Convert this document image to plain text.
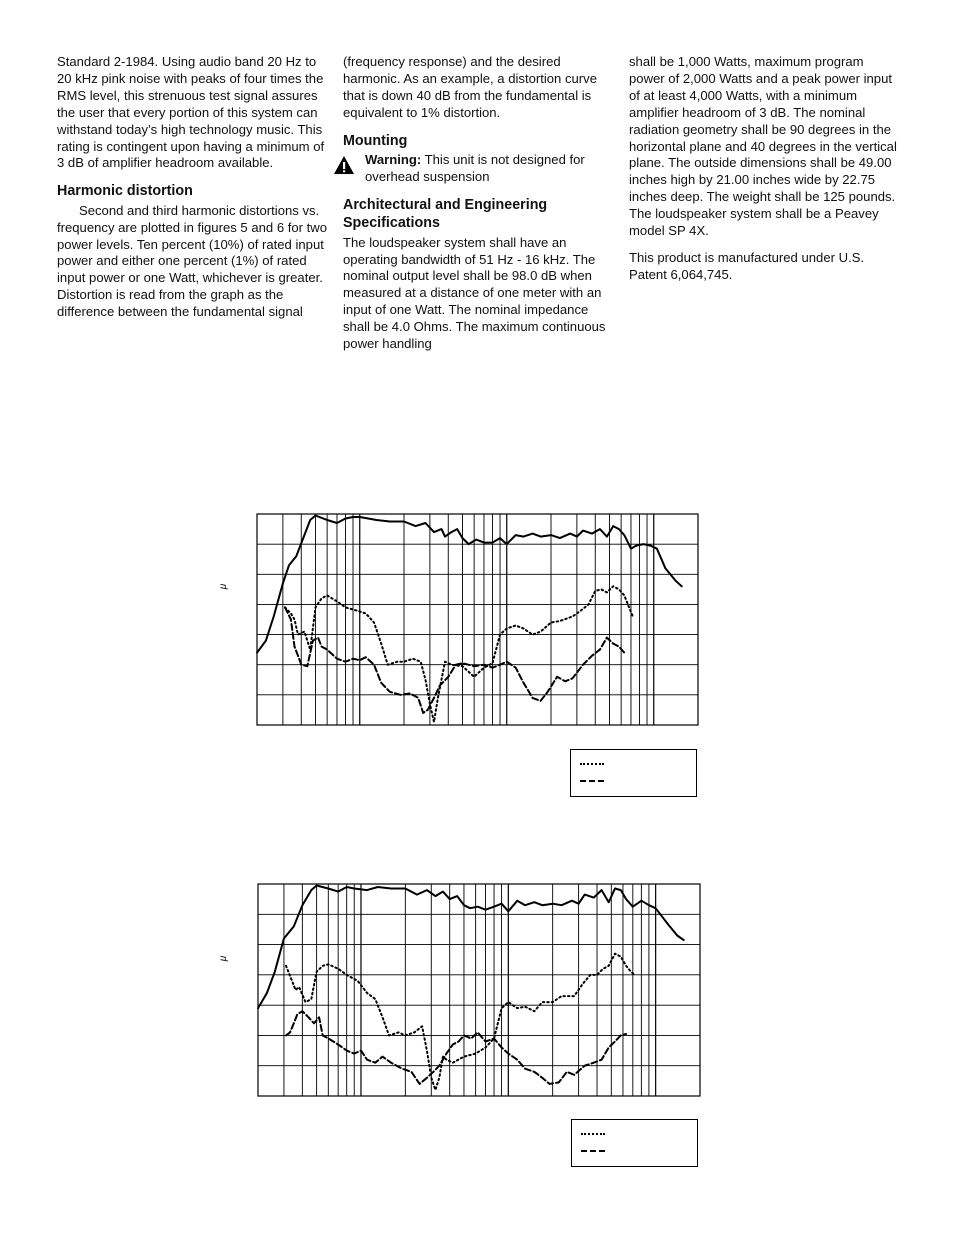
Standard 2-1984. Using audio band 20 Hz to 20 kHz pink noise with peaks of four times the RMS level, this strenuous test signal assures the user that every portion of this system can withstand today’s high technology music. This rating is contingent upon having a minimum of 3 dB of amplifier headroom available.

Harmonic distortion

Second and third harmonic distortions vs. frequency are plotted in figures 5 and 6 for two power levels. Ten percent (10%) of rated input power and either one percent (1%) of rated input power or one Watt, whichever is greater. Distortion is read from the graph as the difference between the fundamental signal

(frequency response) and the desired harmonic. As an example, a distortion curve that is down 40 dB from the fundamental is equivalent to 1% distortion.

Mounting
Warning: This unit is not designed for overhead suspension
Architectural and Engineering Specifications

The loudspeaker system shall have an operating bandwidth of 51 Hz - 16 kHz. The nominal output level shall be 98.0 dB when measured at a distance of one meter with an input of one Watt. The nominal impedance shall be 4.0 Ohms. The maximum continuous power handling

shall be 1,000 Watts, maximum program power of 2,000 Watts and a peak power input of at least 4,000 Watts, with a minimum amplifier headroom of 3 dB. The nominal radiation geometry shall be 90 degrees in the horizontal plane and 40 degrees in the vertical plane. The outside dimensions shall be 49.00 inches high by 21.00 inches wide by 22.75 inches deep. The weight shall be 125 pounds. The loudspeaker system shall be a Peavey model SP 4X.

This product is manufactured under U.S. Patent 6,064,745.

μ
μ
